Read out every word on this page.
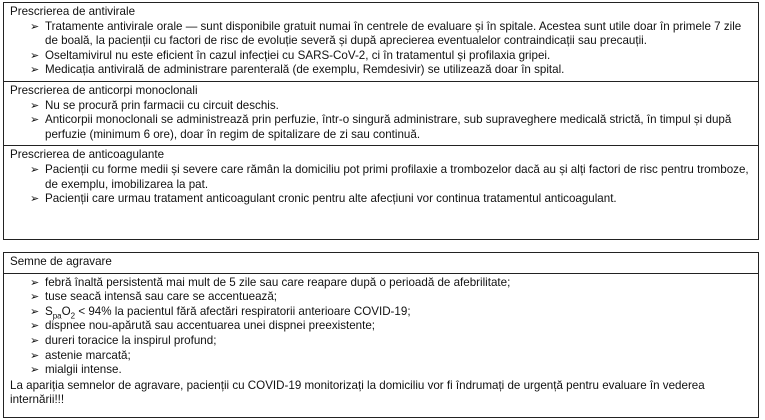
Prescrierea de antivirale

➢ Tratamente antivirale orale — sunt disponibile gratuit numai în centrele de evaluare și în spitale. Acestea sunt utile doar în primele 7 zile de boală, la pacienții cu factori de risc de evoluție severă și după aprecierea eventualelor contraindicații sau precauții.
➢ Oseltamivirul nu este eficient în cazul infecției cu SARS-CoV-2, ci în tratamentul și profilaxia gripei.
➢ Medicația antivirală de administrare parenterală (de exemplu, Remdesivir) se utilizează doar în spital.

Prescrierea de anticorpi monoclonali

➢ Nu se procură prin farmacii cu circuit deschis.
➢ Anticorpii monoclonali se administrează prin perfuzie, într-o singură administrare, sub supraveghere medicală strictă, în timpul și după perfuzie (minimum 6 ore), doar în regim de spitalizare de zi sau continuă.

Prescrierea de anticoagulante

➢ Pacienții cu forme medii și severe care rămân la domiciliu pot primi profilaxie a trombozelor dacă au și alți factori de risc pentru tromboze, de exemplu, imobilizarea la pat.
➢ Pacienții care urmau tratament anticoagulant cronic pentru alte afecțiuni vor continua tratamentul anticoagulant.

Semne de agravare

➢ febră înaltă persistentă mai mult de 5 zile sau care reapare după o perioadă de afebrilitate;
➢ tuse seacă intensă sau care se accentuează;
➢ $S_{pa}O_2 < 94\%$ la pacientul fără afectări respiratorii anterioare COVID-19;
➢ dispnee nou-apărută sau accentuarea unei dispnei preexistente;
➢ dureri toracice la inspirul profund;
➢ astenie marcată;
➢ mialgii intense.

La apariția semnelor de agravare, pacienții cu COVID-19 monitorizați la domiciliu vor fi îndrumați de urgență pentru evaluare în vederea internării!!!
